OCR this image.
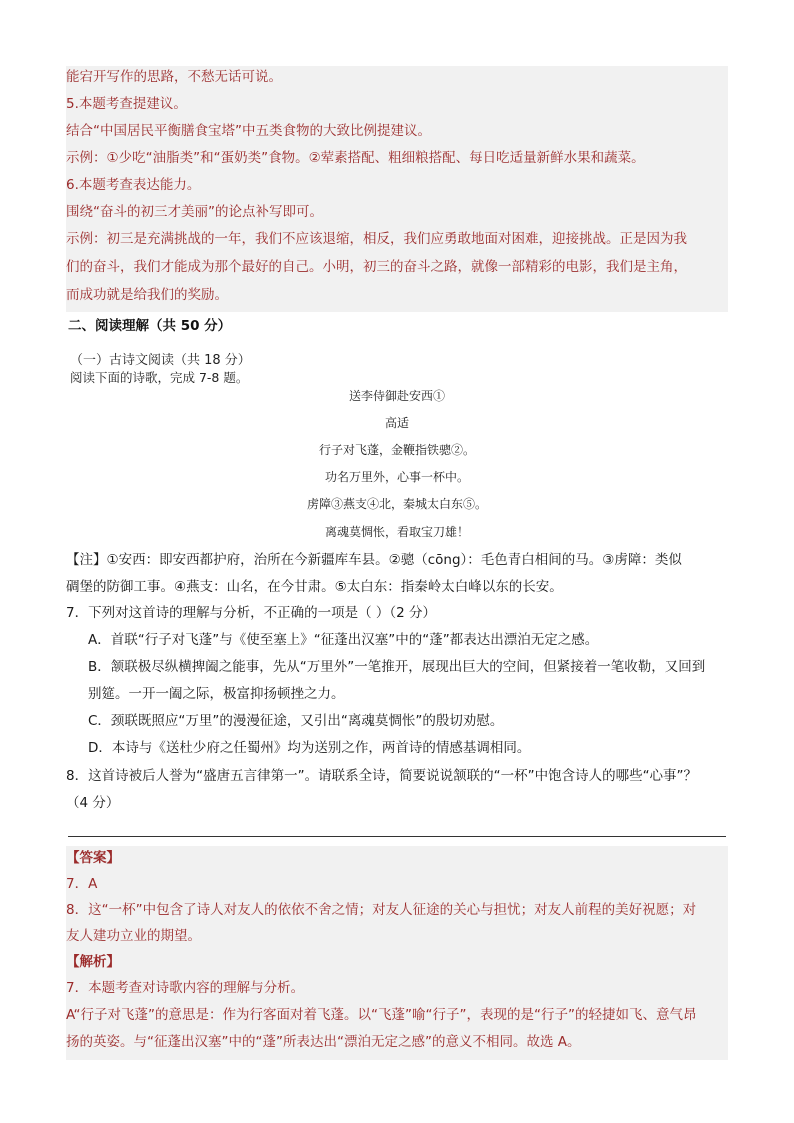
能宕开写作的思路，不愁无话可说。
5.本题考查提建议。
结合“中国居民平衡膳食宝塔”中五类食物的大致比例提建议。
示例：①少吃“油脂类”和“蛋奶类”食物。②荤素搭配、粗细粮搭配、每日吃适量新鲜水果和蔬菜。
6.本题考查表达能力。
围绕“奋斗的初三才美丽”的论点补写即可。
示例：初三是充满挑战的一年，我们不应该退缩，相反，我们应勇敢地面对困难，迎接挑战。正是因为我
们的奋斗，我们才能成为那个最好的自己。小明，初三的奋斗之路，就像一部精彩的电影，我们是主角，
而成功就是给我们的奖励。
二、阅读理解（共 50 分）
（一）古诗文阅读（共 18 分）
阅读下面的诗歌，完成 7-8 题。
送李侍御赴安西①
高适
行子对飞蓬，金鞭指铁骢②。
功名万里外，心事一杯中。
虏障③燕支④北，秦城太白东⑤。
离魂莫惆怅，看取宝刀雄！
【注】①安西：即安西都护府，治所在今新疆库车县。②骢（cōng）：毛色青白相间的马。③虏障：类似
碉堡的防御工事。④燕支：山名，在今甘肃。⑤太白东：指秦岭太白峰以东的长安。
7．下列对这首诗的理解与分析，不正确的一项是（ ）（2 分）
A．首联“行子对飞蓬”与《使至塞上》“征蓬出汉塞”中的“蓬”都表达出漂泊无定之感。
B．颔联极尽纵横捭阖之能事，先从“万里外”一笔推开，展现出巨大的空间，但紧接着一笔收勒，又回到
别筵。一开一阖之际，极富抑扬顿挫之力。
C．颈联既照应“万里”的漫漫征途，又引出“离魂莫惆怅”的殷切劝慰。
D．本诗与《送杜少府之任蜀州》均为送别之作，两首诗的情感基调相同。
8．这首诗被后人誉为“盛唐五言律第一”。请联系全诗，简要说说颔联的“一杯”中饱含诗人的哪些“心事”？
（4 分）
【答案】
7．A
8．这“一杯”中包含了诗人对友人的依依不舍之情；对友人征途的关心与担忧；对友人前程的美好祝愿；对
友人建功立业的期望。
【解析】
7．本题考查对诗歌内容的理解与分析。
A“行子对飞蓬”的意思是：作为行客面对着飞蓬。以“飞蓬”喻“行子”，表现的是“行子”的轻捷如飞、意气昂
扬的英姿。与“征蓬出汉塞”中的“蓬”所表达出“漂泊无定之感”的意义不相同。故选 A。
